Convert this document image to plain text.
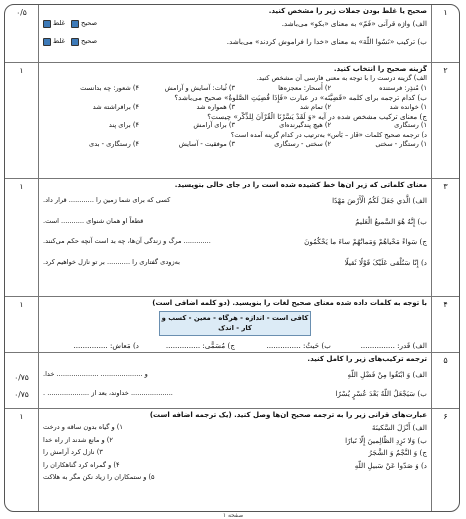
۱
۰/۵	صحیح یا غلط بودن جملات زیر را مشخص کنید.
الف) واژه قرآنی «فَمّ» به معنای «بکو» می‌باشد.
صحیح

غلط
ب) ترکیب «نَسُوا اللّهَ» به معنای «خدا را فراموش کردند» می‌باشد.
صحیح

غلط
۲
۱	گزینه صحیح را انتخاب کنید.
الف) گزینه درست را با توجه به معنی فارسی آن مشخص کنید.
۱) مُنذِر: فرستنده
۲) أَسحار: معجزه‌ها
۳) ثُبات: آسایش و آرامش
۴) شعور: چه بدانست
ب) کدام ترجمه برای کلمه «قَضِیَّتَه» در عبارت «فَإِذَا قُضِیَتِ الصَّلوةُ» صحیح می‌باشد؟
۱) خوانده شد
۲) تمام شد
۳) همواره شد
۴) برافراشته شد
ج) معنای ترکیب مشخص شده در آیه «وَ لَقَدْ یَسَّرْنَا الْقُرْآنَ لِلذِّکْرِ» چیست؟
۱) رستگاری
۲) هیچ پندگیرنده‌ای
۳) برای آرامش
۴) برای پند
د) ترجمه صحیح کلمات «فَاز – بَأس» به‌ترتیب در کدام گزینه آمده است؟
۱) رستگار - سختی
۲) سختی - رستگاری
۳) موفقیت - آسایش
۴) رستگاری - بدی
۳
۱	معنای کلماتی که زیر آن‌ها خط کشیده شده است را در جای خالی بنویسید.
الف) الَّذي جَعَلَ لَکُمُ الْأَرْضَ مَهْدًا
کسی که برای شما زمین را ............ قرار داد.
ب) إِنَّهُ هُوَ السَّمیعُ الْعَلیمُ
قطعاً او همان شنوای ........... است.
ج) سَواءً مَحْیاهُمْ وَمَماتُهُمْ ساءَ ما یَحْکُمُونَ
............. مرگ و زندگی آن‌ها، چه بد است آنچه حکم می‌کنند.
د) إِنّا سَنُلْقی عَلَیْکَ قَوْلًا ثَقیلًا
به‌زودی گفتاری را ........... بر تو نازل خواهیم کرد.
۴
۱	با توجه به کلمات داده شده معنای صحیح لغات را بنویسید. (دو کلمه اضافی است)
کافی است - اندازه - هرگاه - معین - کسب و کار - اندک
الف) قَدر: ...............
ب) حَیثُ: ...............
ج) مُسَمًّى: ...............
د) مَعاش: ...............
۵
۰/۷۵
۰/۷۵
ترجمه ترکیب‌های زیر را کامل کنید.
الف) وَ ابْتَغُوا مِنْ فَضْلِ اللّهِ
و .................... .................... خدا.
ب) سَیَجْعَلُ اللّهُ بَعْدَ عُسْرٍ یُسْرًا
.................... خداوند، بعد از .................... .
۶
۱	عبارت‌های قرآنی زیر را به ترجمه صحیح آن‌ها وصل کنید. (یک ترجمه اضافه است)
الف) أَنْزَلَ السَّکینَةَ
۱) و گیاه بدون ساقه و درخت
ب) وَلا تَزِدِ الظّالِمینَ إِلّا تَبارًا
۲) و مانع شدند از راه خدا
ج) وَ النَّجْمُ وَ الشَّجَرُ
۳) نازل کرد آرامش را
د) وَ صَدّوا عَنْ سَبیلِ اللّهِ
۴) و گمراه کرد گناهکاران را
۵) و ستمکاران را زیاد نکن مگر به هلاکت
صفحه ۱
